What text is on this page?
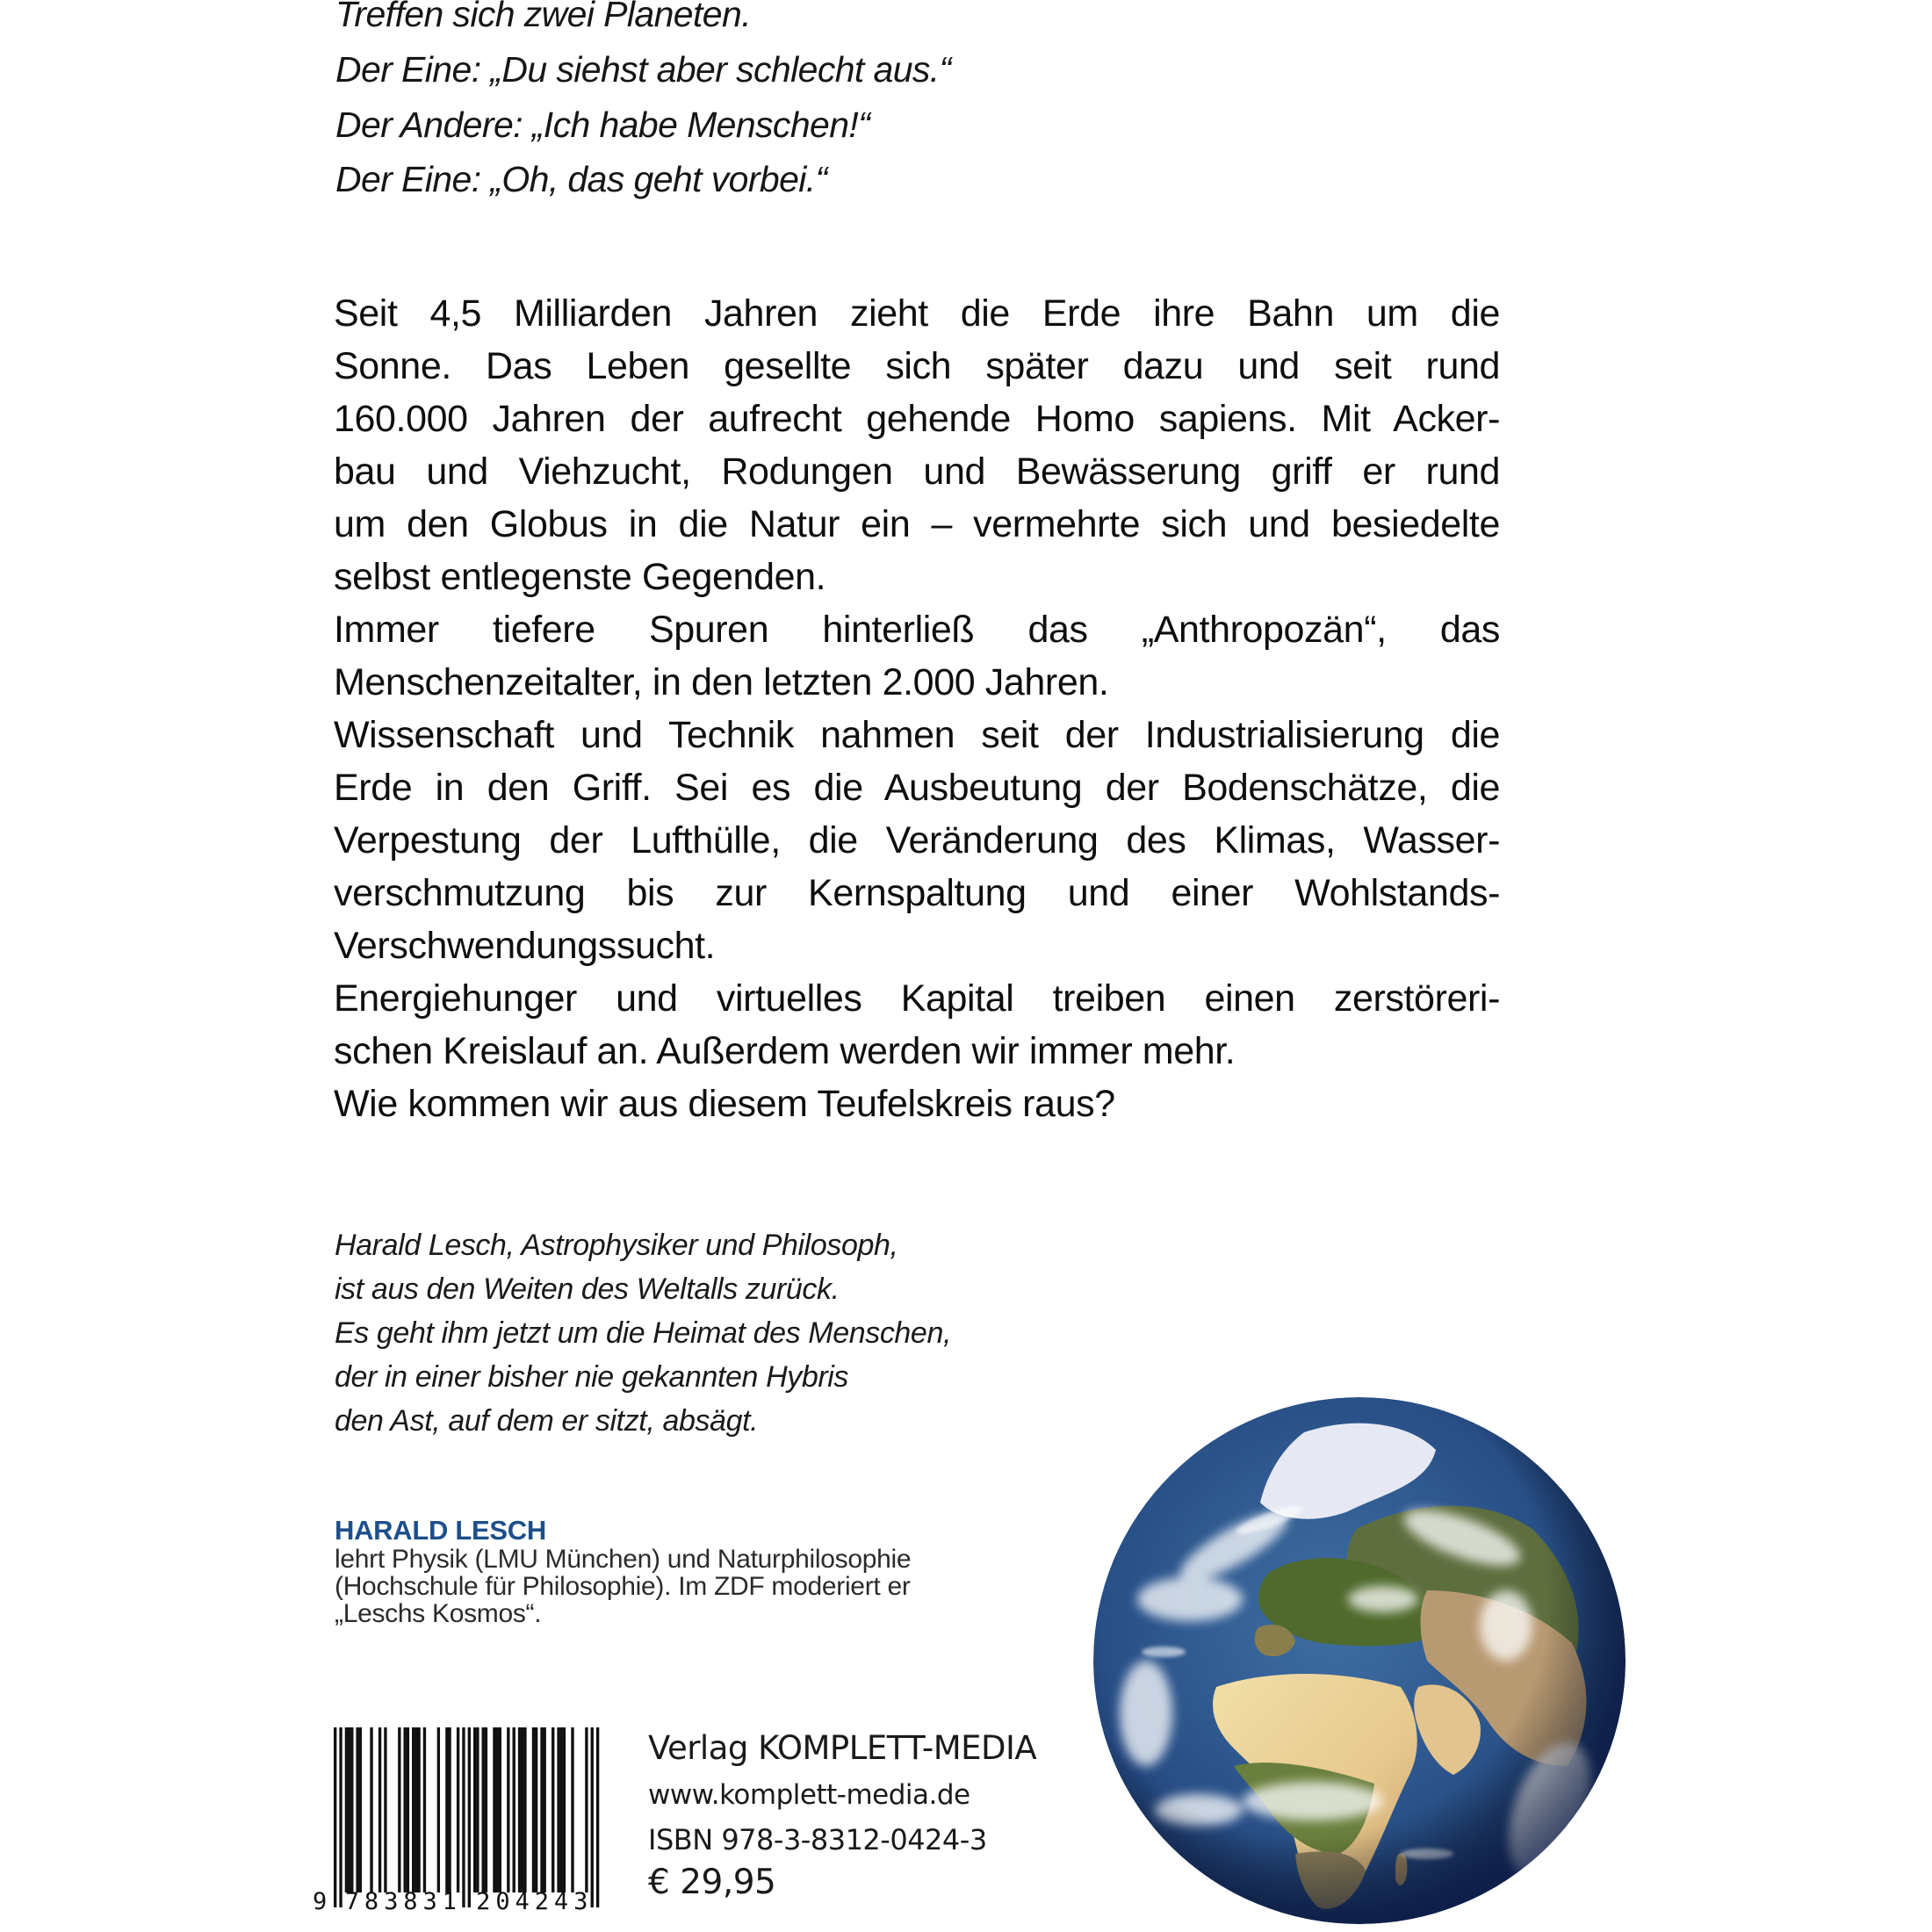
Treffen sich zwei Planeten.
Der Eine: „Du siehst aber schlecht aus.“
Der Andere: „Ich habe Menschen!“
Der Eine: „Oh, das geht vorbei.“
Seit 4,5 Milliarden Jahren zieht die Erde ihre Bahn um die
Sonne. Das Leben gesellte sich später dazu und seit rund
160.000 Jahren der aufrecht gehende Homo sapiens. Mit Acker-
bau und Viehzucht, Rodungen und Bewässerung griff er rund
um den Globus in die Natur ein – vermehrte sich und besiedelte
selbst entlegenste Gegenden.
Immer tiefere Spuren hinterließ das „Anthropozän“, das
Menschenzeitalter, in den letzten 2.000 Jahren.
Wissenschaft und Technik nahmen seit der Industrialisierung die
Erde in den Griff. Sei es die Ausbeutung der Bodenschätze, die
Verpestung der Lufthülle, die Veränderung des Klimas, Wasser-
verschmutzung bis zur Kernspaltung und einer Wohlstands-
Verschwendungssucht.
Energiehunger und virtuelles Kapital treiben einen zerstöreri-
schen Kreislauf an. Außerdem werden wir immer mehr.
Wie kommen wir aus diesem Teufelskreis raus?
Harald Lesch, Astrophysiker und Philosoph,
ist aus den Weiten des Weltalls zurück.
Es geht ihm jetzt um die Heimat des Menschen,
der in einer bisher nie gekannten Hybris
den Ast, auf dem er sitzt, absägt.
HARALD LESCH
lehrt Physik (LMU München) und Naturphilosophie
(Hochschule für Philosophie). Im ZDF moderiert er
„Leschs Kosmos“.
9 783831 204243
Verlag KOMPLETT-MEDIA
www.komplett-media.de
ISBN 978-3-8312-0424-3
€ 29,95
